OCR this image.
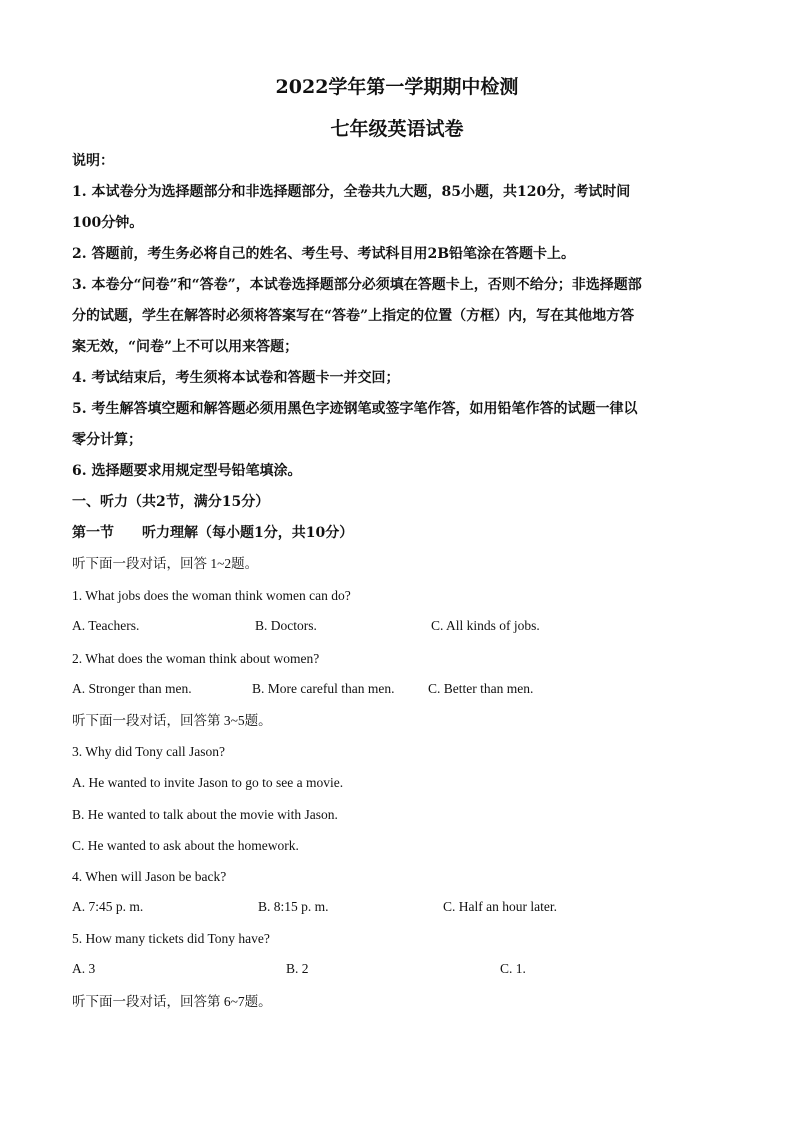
2022学年第一学期期中检测
七年级英语试卷
说明：
1. 本试卷分为选择题部分和非选择题部分，全卷共九大题，85小题，共120分，考试时间
100分钟。
2. 答题前，考生务必将自己的姓名、考生号、考试科目用2B铅笔涂在答题卡上。
3. 本卷分“问卷”和“答卷”，本试卷选择题部分必须填在答题卡上，否则不给分；非选择题部
分的试题，学生在解答时必须将答案写在“答卷”上指定的位置（方框）内，写在其他地方答
案无效，“问卷”上不可以用来答题；
4. 考试结束后，考生须将本试卷和答题卡一并交回；
5. 考生解答填空题和解答题必须用黑色字迹钢笔或签字笔作答，如用铅笔作答的试题一律以
零分计算；
6. 选择题要求用规定型号铅笔填涂。
一、听力（共2节，满分15分）
第一节　　听力理解（每小题1分，共10分）
听下面一段对话，回答 1~2题。
1. What jobs does the woman think women can do?
A. Teachers.	B. Doctors.	C. All kinds of jobs.
2. What does the woman think about women?
A. Stronger than men.	B. More careful than men. C. Better than men.
听下面一段对话，回答第 3~5题。
3. Why did Tony call Jason?
A. He wanted to invite Jason to go to see a movie.
B. He wanted to talk about the movie with Jason.
C. He wanted to ask about the homework.
4. When will Jason be back?
A. 7:45 p. m.	B. 8:15 p. m.	C. Half an hour later.
5. How many tickets did Tony have?
A. 3	B. 2	C. 1.
听下面一段对话，回答第 6~7题。
